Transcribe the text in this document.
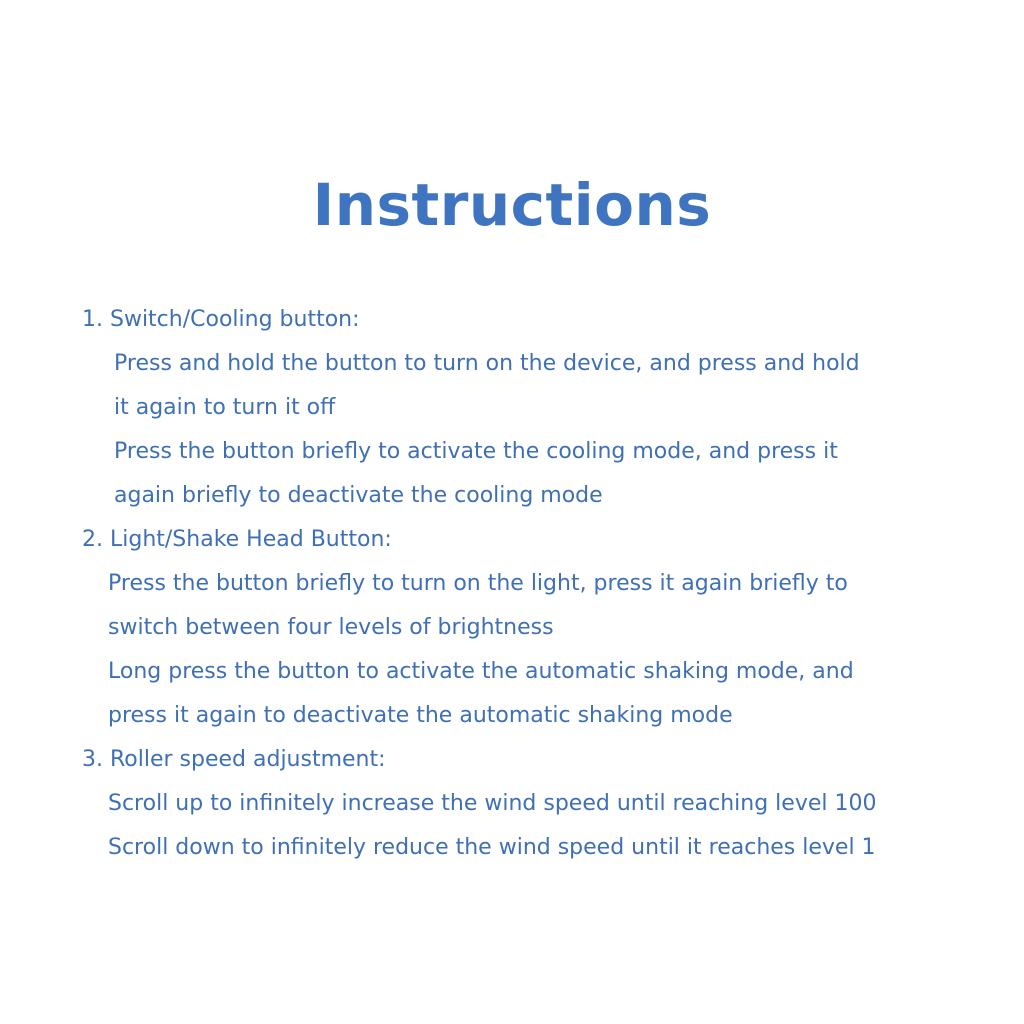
Instructions
1. Switch/Cooling button:
Press and hold the button to turn on the device, and press and hold
it again to turn it off
Press the button briefly to activate the cooling mode, and press it
again briefly to deactivate the cooling mode
2. Light/Shake Head Button:
Press the button briefly to turn on the light, press it again briefly to
switch between four levels of brightness
Long press the button to activate the automatic shaking mode, and
press it again to deactivate the automatic shaking mode
3. Roller speed adjustment:
Scroll up to infinitely increase the wind speed until reaching level 100
Scroll down to infinitely reduce the wind speed until it reaches level 1
